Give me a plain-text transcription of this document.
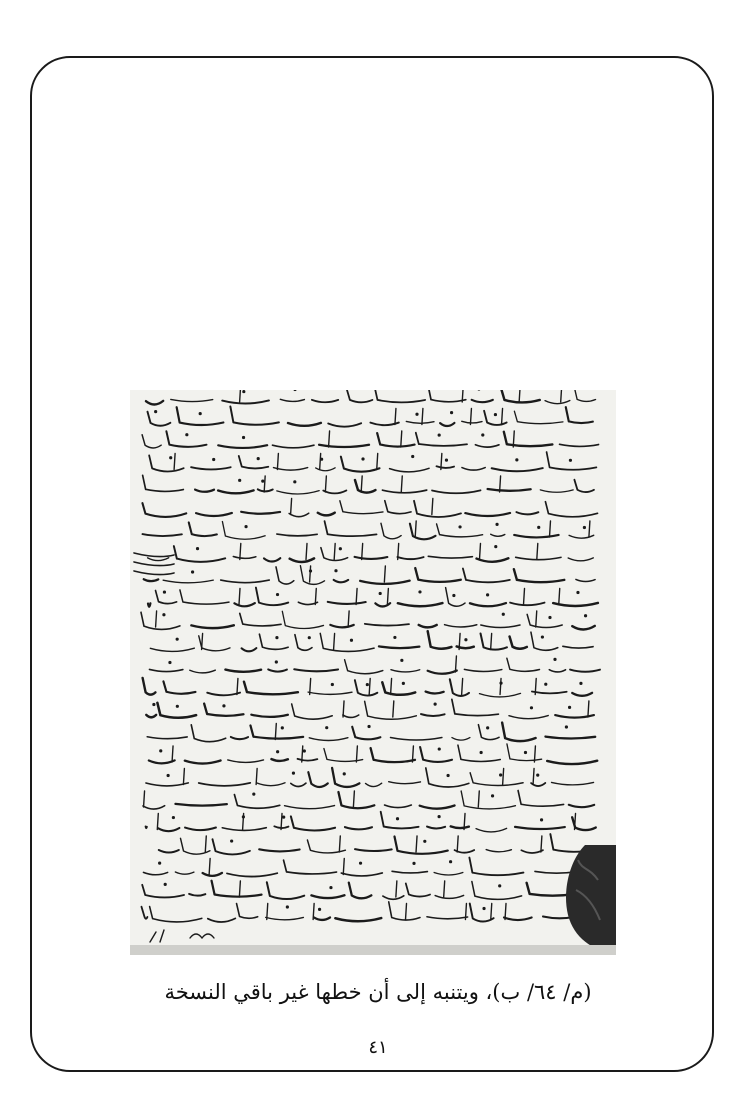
(م/ ٦٤/ ب)، ويتنبه إلى أن خطها غير باقي النسخة
٤١
